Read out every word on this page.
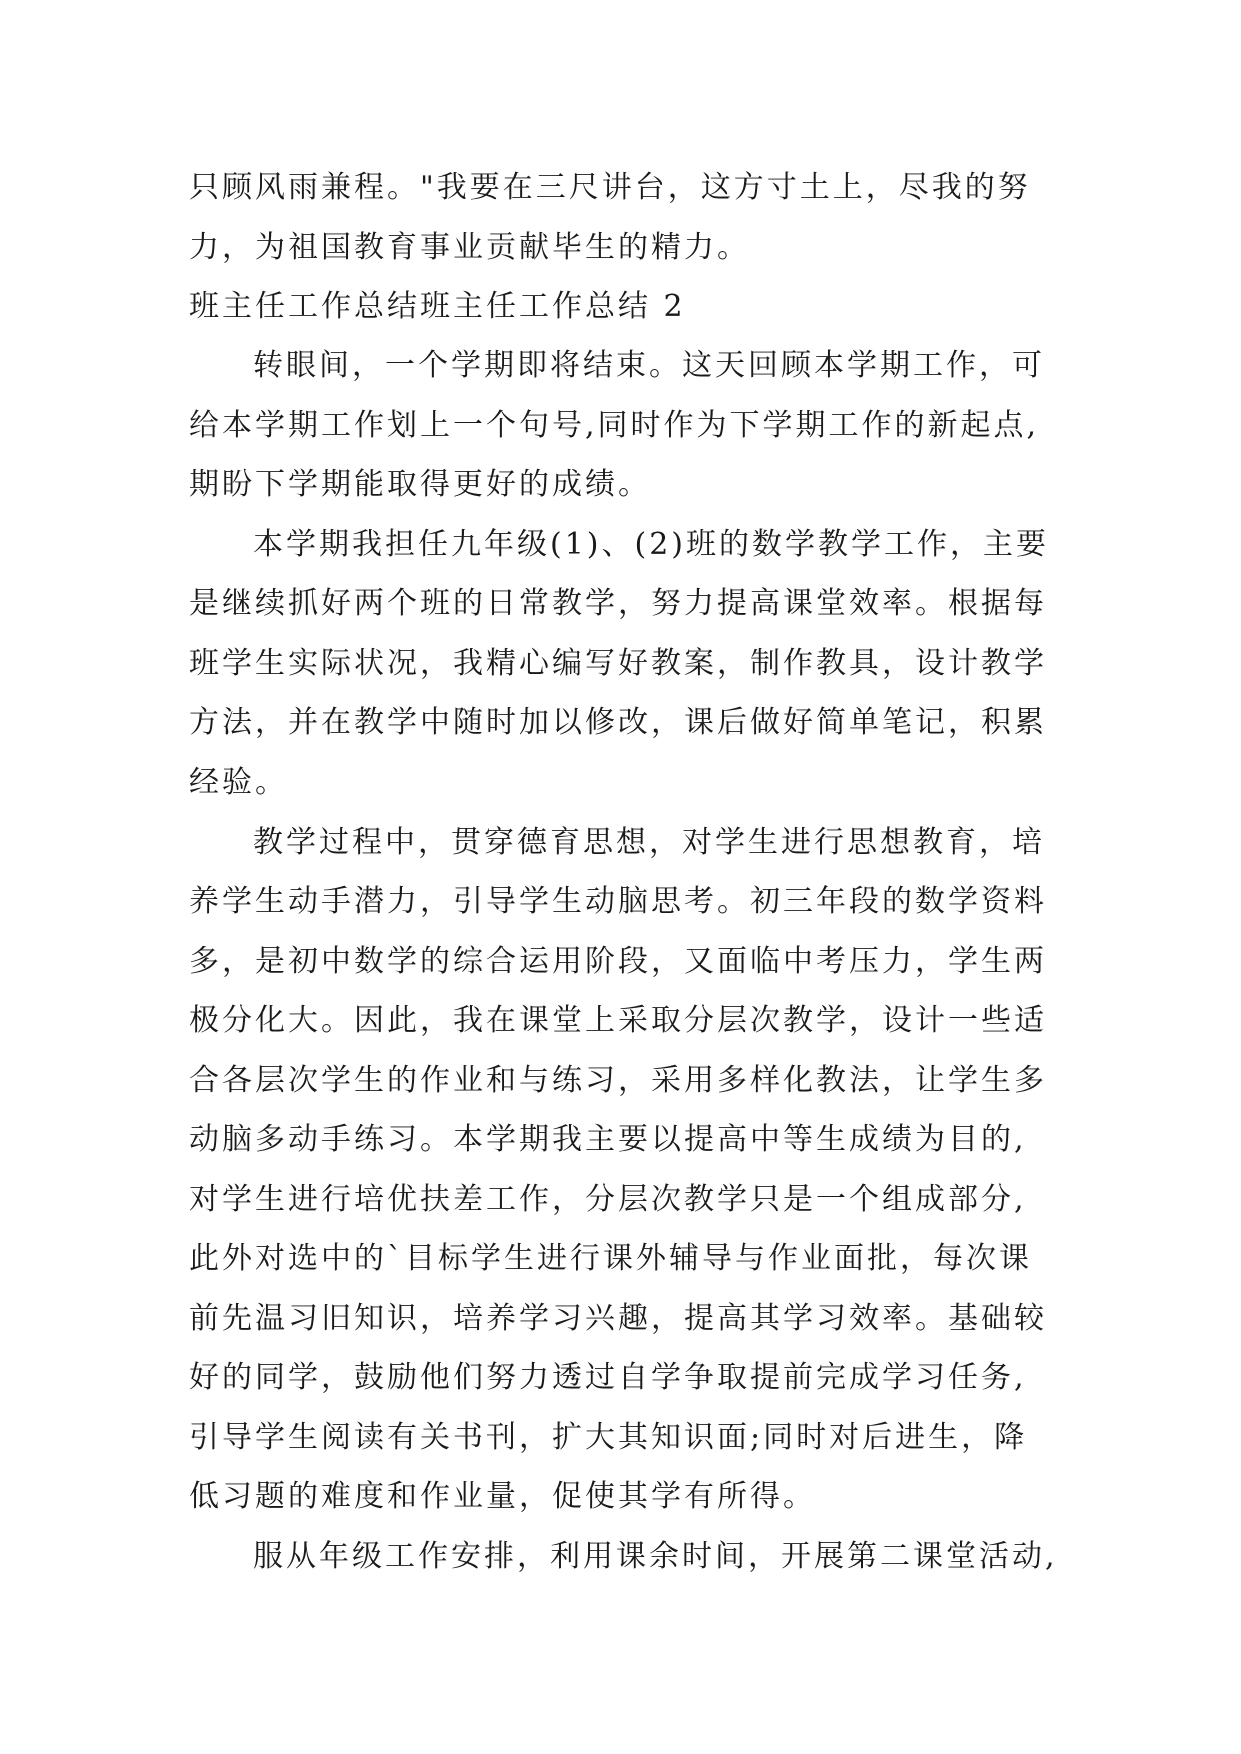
只顾风雨兼程。"我要在三尺讲台，这方寸土上，尽我的努

力，为祖国教育事业贡献毕生的精力。

班主任工作总结班主任工作总结 2

转眼间，一个学期即将结束。这天回顾本学期工作，可

给本学期工作划上一个句号,同时作为下学期工作的新起点,

期盼下学期能取得更好的成绩。

本学期我担任九年级(1)、(2)班的数学教学工作，主要

是继续抓好两个班的日常教学，努力提高课堂效率。根据每

班学生实际状况，我精心编写好教案，制作教具，设计教学

方法，并在教学中随时加以修改，课后做好简单笔记，积累

经验。

教学过程中，贯穿德育思想，对学生进行思想教育，培

养学生动手潜力，引导学生动脑思考。初三年段的数学资料

多，是初中数学的综合运用阶段，又面临中考压力，学生两

极分化大。因此，我在课堂上采取分层次教学，设计一些适

合各层次学生的作业和与练习，采用多样化教法，让学生多

动脑多动手练习。本学期我主要以提高中等生成绩为目的,

对学生进行培优扶差工作，分层次教学只是一个组成部分,

此外对选中的`目标学生进行课外辅导与作业面批，每次课

前先温习旧知识，培养学习兴趣，提高其学习效率。基础较

好的同学，鼓励他们努力透过自学争取提前完成学习任务,

引导学生阅读有关书刊，扩大其知识面;同时对后进生，降

低习题的难度和作业量，促使其学有所得。

服从年级工作安排，利用课余时间，开展第二课堂活动,
